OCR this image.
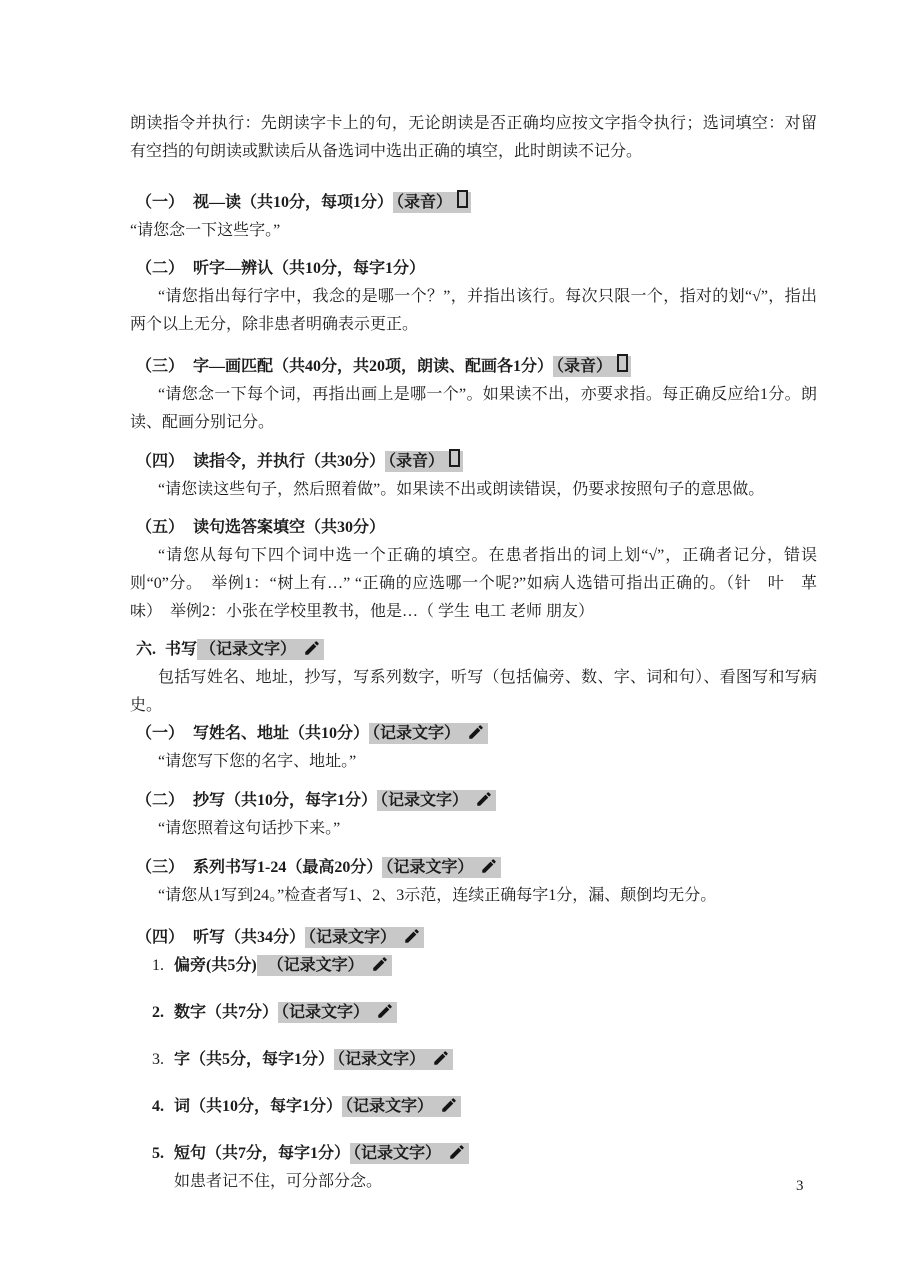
朗读指令并执行：先朗读字卡上的句，无论朗读是否正确均应按文字指令执行；选词填空：对留有空挡的句朗读或默读后从备选词中选出正确的填空，此时朗读不记分。

（一） 视—读（共10分，每项1分） （录音）

“请您念一下这些字。”

（二） 听字—辨认（共10分，每字1分）

“请您指出每行字中，我念的是哪一个？”，并指出该行。每次只限一个，指对的划“√”，指出两个以上无分，除非患者明确表示更正。

（三） 字—画匹配（共40分，共20项，朗读、配画各1分） （录音）

“请您念一下每个词，再指出画上是哪一个”。如果读不出，亦要求指。每正确反应给1分。朗读、配画分别记分。

（四） 读指令，并执行（共30分） （录音）

“请您读这些句子，然后照着做”。如果读不出或朗读错误，仍要求按照句子的意思做。

（五） 读句选答案填空（共30分）

“请您从每句下四个词中选一个正确的填空。在患者指出的词上划“√”，正确者记分，错误则“0”分。　举例1：“树上有…” “正确的应选哪一个呢?”如病人选错可指出正确的。（针　叶　革　味）　举例2：小张在学校里教书，他是…（ 学生 电工 老师 朋友）

六. 书写 （记录文字）

包括写姓名、地址，抄写，写系列数字，听写（包括偏旁、数、字、词和句）、看图写和写病史。

（一） 写姓名、地址（共10分） （记录文字）

“请您写下您的名字、地址。”

（二） 抄写（共10分，每字1分） （记录文字）

“请您照着这句话抄下来。”

（三） 系列书写1-24（最高20分） （记录文字）

“请您从1写到24。”检查者写1、2、3示范，连续正确每字1分，漏、颠倒均无分。

（四） 听写（共34分） （记录文字）

1. 偏旁(共5分)　（记录文字）

2. 数字（共7分） （记录文字）

3. 字（共5分，每字1分） （记录文字）

4. 词（共10分，每字1分） （记录文字）

5. 短句（共7分，每字1分） （记录文字）

如患者记不住，可分部分念。	3
